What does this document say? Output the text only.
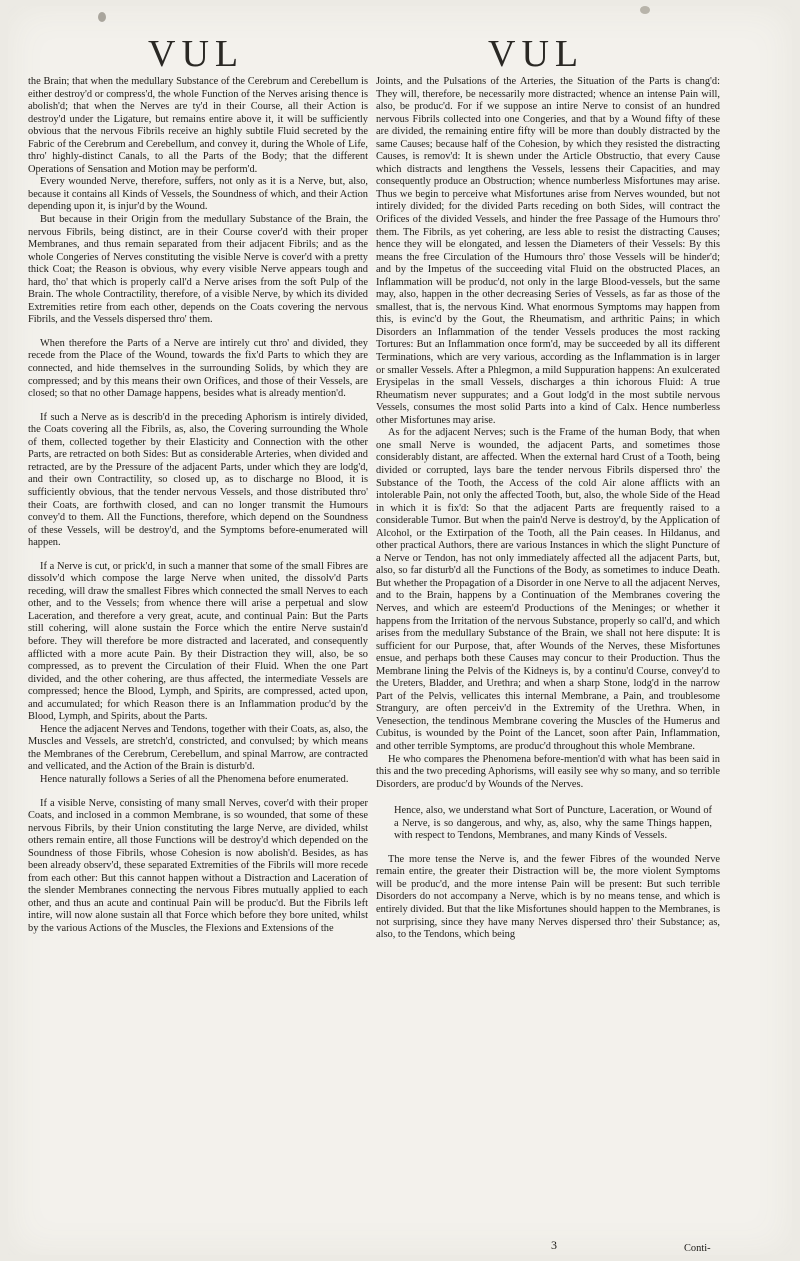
VUL	VUL

the Brain; that when the medullary Substance of the Cerebrum and Cerebellum is either destroy'd or compress'd, the whole Function of the Nerves arising thence is abolish'd; that when the Nerves are ty'd in their Course, all their Action is destroy'd under the Ligature, but remains entire above it, it will be sufficiently obvious that the nervous Fibrils receive an highly subtile Fluid secreted by the Fabric of the Cerebrum and Cerebellum, and convey it, during the Whole of Life, thro' highly-distinct Canals, to all the Parts of the Body; that the different Operations of Sensation and Motion may be perform'd.

Every wounded Nerve, therefore, suffers, not only as it is a Nerve, but, also, because it contains all Kinds of Vessels, the Soundness of which, and their Action depending upon it, is injur'd by the Wound.

But because in their Origin from the medullary Substance of the Brain, the nervous Fibrils, being distinct, are in their Course cover'd with their proper Membranes, and thus remain separated from their adjacent Fibrils; and as the whole Congeries of Nerves constituting the visible Nerve is cover'd with a pretty thick Coat; the Reason is obvious, why every visible Nerve appears tough and hard, tho' that which is properly call'd a Nerve arises from the soft Pulp of the Brain. The whole Contractility, therefore, of a visible Nerve, by which its divided Extremities retire from each other, depends on the Coats covering the nervous Fibrils, and the Vessels dispersed thro' them.

When therefore the Parts of a Nerve are intirely cut thro' and divided, they recede from the Place of the Wound, towards the fix'd Parts to which they are connected, and hide themselves in the surrounding Solids, by which they are compressed; and by this means their own Orifices, and those of their Vessels, are closed; so that no other Damage happens, besides what is already mention'd.

If such a Nerve as is describ'd in the preceding Aphorism is intirely divided, the Coats covering all the Fibrils, as, also, the Covering surrounding the Whole of them, collected together by their Elasticity and Connection with the other Parts, are retracted on both Sides: But as considerable Arteries, when divided and retracted, are by the Pressure of the adjacent Parts, under which they are lodg'd, and their own Contractility, so closed up, as to discharge no Blood, it is sufficiently obvious, that the tender nervous Vessels, and those distributed thro' their Coats, are forthwith closed, and can no longer transmit the Humours convey'd to them. All the Functions, therefore, which depend on the Soundness of these Vessels, will be destroy'd, and the Symptoms before-enumerated will happen.

If a Nerve is cut, or prick'd, in such a manner that some of the small Fibres are dissolv'd which compose the large Nerve when united, the dissolv'd Parts receding, will draw the smallest Fibres which connected the small Nerves to each other, and to the Vessels; from whence there will arise a perpetual and slow Laceration, and therefore a very great, acute, and continual Pain: But the Parts still cohering, will alone sustain the Force which the entire Nerve sustain'd before. They will therefore be more distracted and lacerated, and consequently afflicted with a more acute Pain. By their Distraction they will, also, be so compressed, as to prevent the Circulation of their Fluid. When the one Part divided, and the other cohering, are thus affected, the intermediate Vessels are compressed; hence the Blood, Lymph, and Spirits, are compressed, acted upon, and accumulated; for which Reason there is an Inflammation produc'd by the Blood, Lymph, and Spirits, about the Parts.

Hence the adjacent Nerves and Tendons, together with their Coats, as, also, the Muscles and Vessels, are stretch'd, constricted, and convulsed; by which means the Membranes of the Cerebrum, Cerebellum, and spinal Marrow, are contracted and vellicated, and the Action of the Brain is disturb'd.

Hence naturally follows a Series of all the Phenomena before enumerated.

If a visible Nerve, consisting of many small Nerves, cover'd with their proper Coats, and inclosed in a common Membrane, is so wounded, that some of these nervous Fibrils, by their Union constituting the large Nerve, are divided, whilst others remain entire, all those Functions will be destroy'd which depended on the Soundness of those Fibrils, whose Cohesion is now abolish'd. Besides, as has been already observ'd, these separated Extremities of the Fibrils will more recede from each other: But this cannot happen without a Distraction and Laceration of the slender Membranes connecting the nervous Fibres mutually applied to each other, and thus an acute and continual Pain will be produc'd. But the Fibrils left intire, will now alone sustain all that Force which before they bore united, whilst by the various Actions of the Muscles, the Flexions and Extensions of the

Joints, and the Pulsations of the Arteries, the Situation of the Parts is chang'd: They will, therefore, be necessarily more distracted; whence an intense Pain will, also, be produc'd. For if we suppose an intire Nerve to consist of an hundred nervous Fibrils collected into one Congeries, and that by a Wound fifty of these are divided, the remaining entire fifty will be more than doubly distracted by the same Causes; because half of the Cohesion, by which they resisted the distracting Causes, is remov'd: It is shewn under the Article Obstructio, that every Cause which distracts and lengthens the Vessels, lessens their Capacities, and may consequently produce an Obstruction; whence numberless Misfortunes may arise. Thus we begin to perceive what Misfortunes arise from Nerves wounded, but not intirely divided; for the divided Parts receding on both Sides, will contract the Orifices of the divided Vessels, and hinder the free Passage of the Humours thro' them. The Fibrils, as yet cohering, are less able to resist the distracting Causes; hence they will be elongated, and lessen the Diameters of their Vessels: By this means the free Circulation of the Humours thro' those Vessels will be hinder'd; and by the Impetus of the succeeding vital Fluid on the obstructed Places, an Inflammation will be produc'd, not only in the large Blood-vessels, but the same may, also, happen in the other decreasing Series of Vessels, as far as those of the smallest, that is, the nervous Kind. What enormous Symptoms may happen from this, is evinc'd by the Gout, the Rheumatism, and arthritic Pains; in which Disorders an Inflammation of the tender Vessels produces the most racking Tortures: But an Inflammation once form'd, may be succeeded by all its different Terminations, which are very various, according as the Inflammation is in larger or smaller Vessels. After a Phlegmon, a mild Suppuration happens: An exulcerated Erysipelas in the small Vessels, discharges a thin ichorous Fluid: A true Rheumatism never suppurates; and a Gout lodg'd in the most subtile nervous Vessels, consumes the most solid Parts into a kind of Calx. Hence numberless other Misfortunes may arise.

As for the adjacent Nerves; such is the Frame of the human Body, that when one small Nerve is wounded, the adjacent Parts, and sometimes those considerably distant, are affected. When the external hard Crust of a Tooth, being divided or corrupted, lays bare the tender nervous Fibrils dispersed thro' the Substance of the Tooth, the Access of the cold Air alone afflicts with an intolerable Pain, not only the affected Tooth, but, also, the whole Side of the Head in which it is fix'd: So that the adjacent Parts are frequently raised to a considerable Tumor. But when the pain'd Nerve is destroy'd, by the Application of Alcohol, or the Extirpation of the Tooth, all the Pain ceases. In Hildanus, and other practical Authors, there are various Instances in which the slight Puncture of a Nerve or Tendon, has not only immediately affected all the adjacent Parts, but, also, so far disturb'd all the Functions of the Body, as sometimes to induce Death. But whether the Propagation of a Disorder in one Nerve to all the adjacent Nerves, and to the Brain, happens by a Continuation of the Membranes covering the Nerves, and which are esteem'd Productions of the Meninges; or whether it happens from the Irritation of the nervous Substance, properly so call'd, and which arises from the medullary Substance of the Brain, we shall not here dispute: It is sufficient for our Purpose, that, after Wounds of the Nerves, these Misfortunes ensue, and perhaps both these Causes may concur to their Production. Thus the Membrane lining the Pelvis of the Kidneys is, by a continu'd Course, convey'd to the Ureters, Bladder, and Urethra; and when a sharp Stone, lodg'd in the narrow Part of the Pelvis, vellicates this internal Membrane, a Pain, and troublesome Strangury, are often perceiv'd in the Extremity of the Urethra. When, in Venesection, the tendinous Membrane covering the Muscles of the Humerus and Cubitus, is wounded by the Point of the Lancet, soon after Pain, Inflammation, and other terrible Symptoms, are produc'd throughout this whole Membrane.

He who compares the Phenomena before-mention'd with what has been said in this and the two preceding Aphorisms, will easily see why so many, and so terrible Disorders, are produc'd by Wounds of the Nerves.

Hence, also, we understand what Sort of Puncture, Laceration, or Wound of a Nerve, is so dangerous, and why, as, also, why the same Things happen, with respect to Tendons, Membranes, and many Kinds of Vessels.

The more tense the Nerve is, and the fewer Fibres of the wounded Nerve remain entire, the greater their Distraction will be, the more violent Symptoms will be produc'd, and the more intense Pain will be present: But such terrible Disorders do not accompany a Nerve, which is by no means tense, and which is entirely divided. But that the like Misfortunes should happen to the Membranes, is not surprising, since they have many Nerves dispersed thro' their Substance; as, also, to the Tendons, which being

3	Conti-
